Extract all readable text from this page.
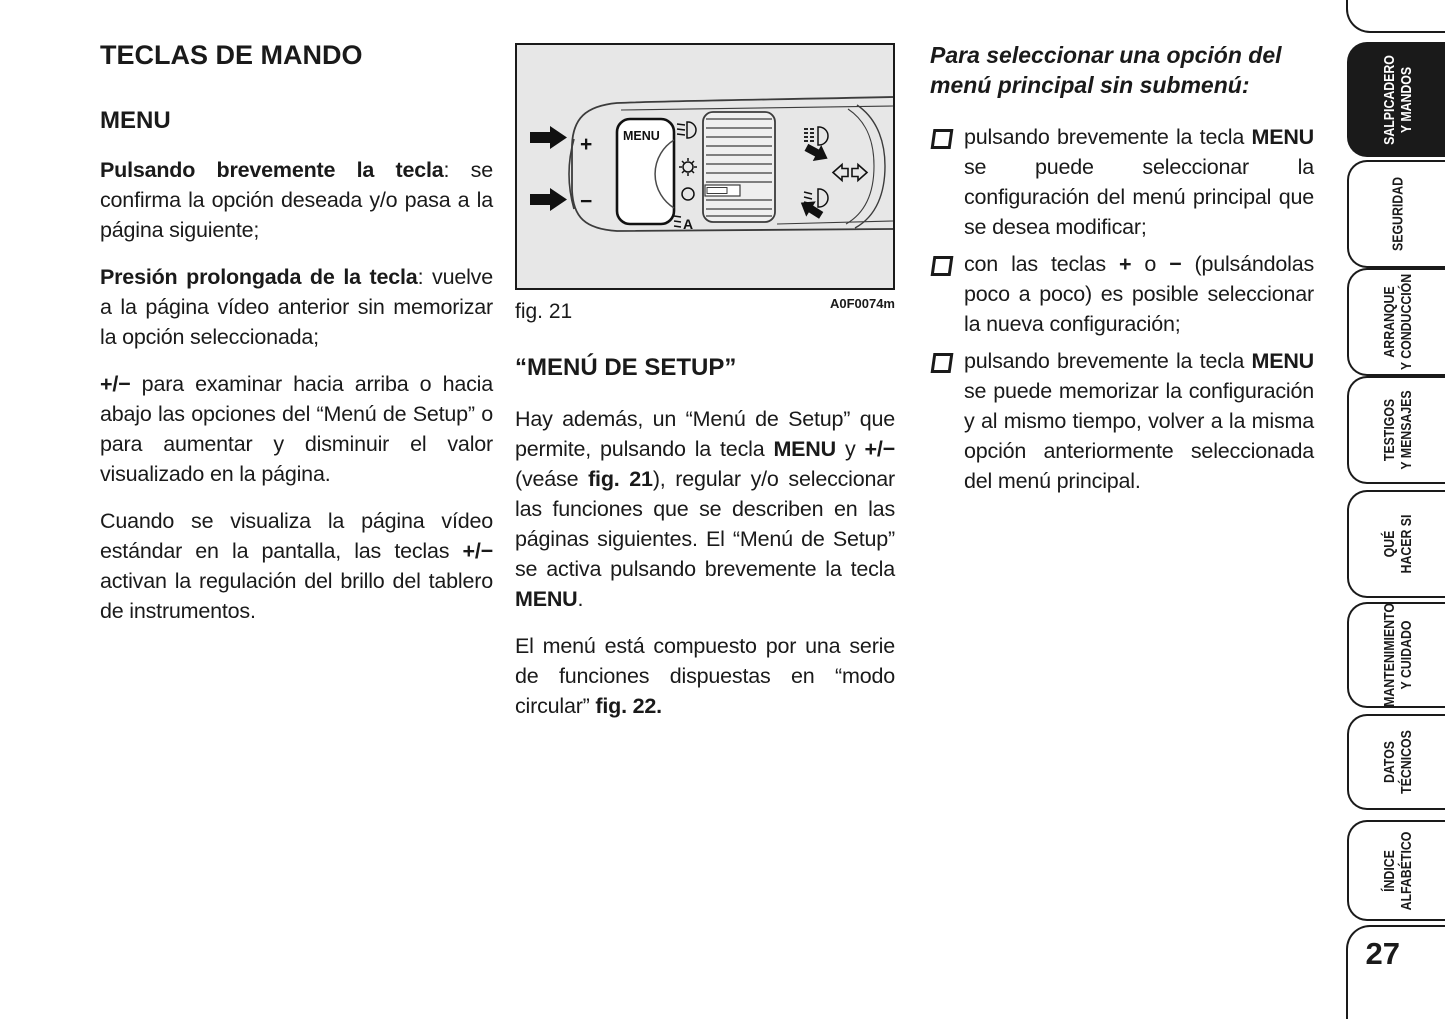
TECLAS DE MANDO
MENU

Pulsando brevemente la tecla: se confirma la opción deseada y/o pasa a la página siguiente;

Presión prolongada de la tecla: vuelve a la página vídeo anterior sin memorizar la opción seleccionada;

+/− para examinar hacia arriba o hacia abajo las opciones del “Menú de Setup” o para aumentar y disminuir el valor visualizado en la página.

Cuando se visualiza la página vídeo estándar en la pantalla, las teclas +/− activan la regulación del brillo del tablero de instrumentos.

+
−
MENU
A
fig. 21	A0F0074m
“MENÚ DE SETUP”

Hay además, un “Menú de Setup” que permite, pulsando la tecla MENU y +/− (veáse fig. 21), regular y/o seleccionar las funciones que se describen en las páginas siguientes. El “Menú de Setup” se activa pulsando brevemente la tecla MENU.

El menú está compuesto por una serie de funciones dispuestas en “modo circular” fig. 22.

Para seleccionar una opción del menú principal sin submenú:

pulsando brevemente la tecla MENU se puede seleccionar la configuración del menú principal que se desea modificar;
con las teclas + o − (pulsándolas poco a poco) es posible seleccionar la nueva configuración;
pulsando brevemente la tecla MENU se puede memorizar la configuración y al mismo tiempo, volver a la misma opción anteriormente seleccionada del menú principal.
SALPICADERO
Y MANDOS
SEGURIDAD
ARRANQUE
Y CONDUCCIÓN
TESTIGOS
Y MENSAJES
QUÉ
HACER SI
MANTENIMIENTO
Y CUIDADO
DATOS
TÉCNICOS
ÍNDICE
ALFABÉTICO
27
